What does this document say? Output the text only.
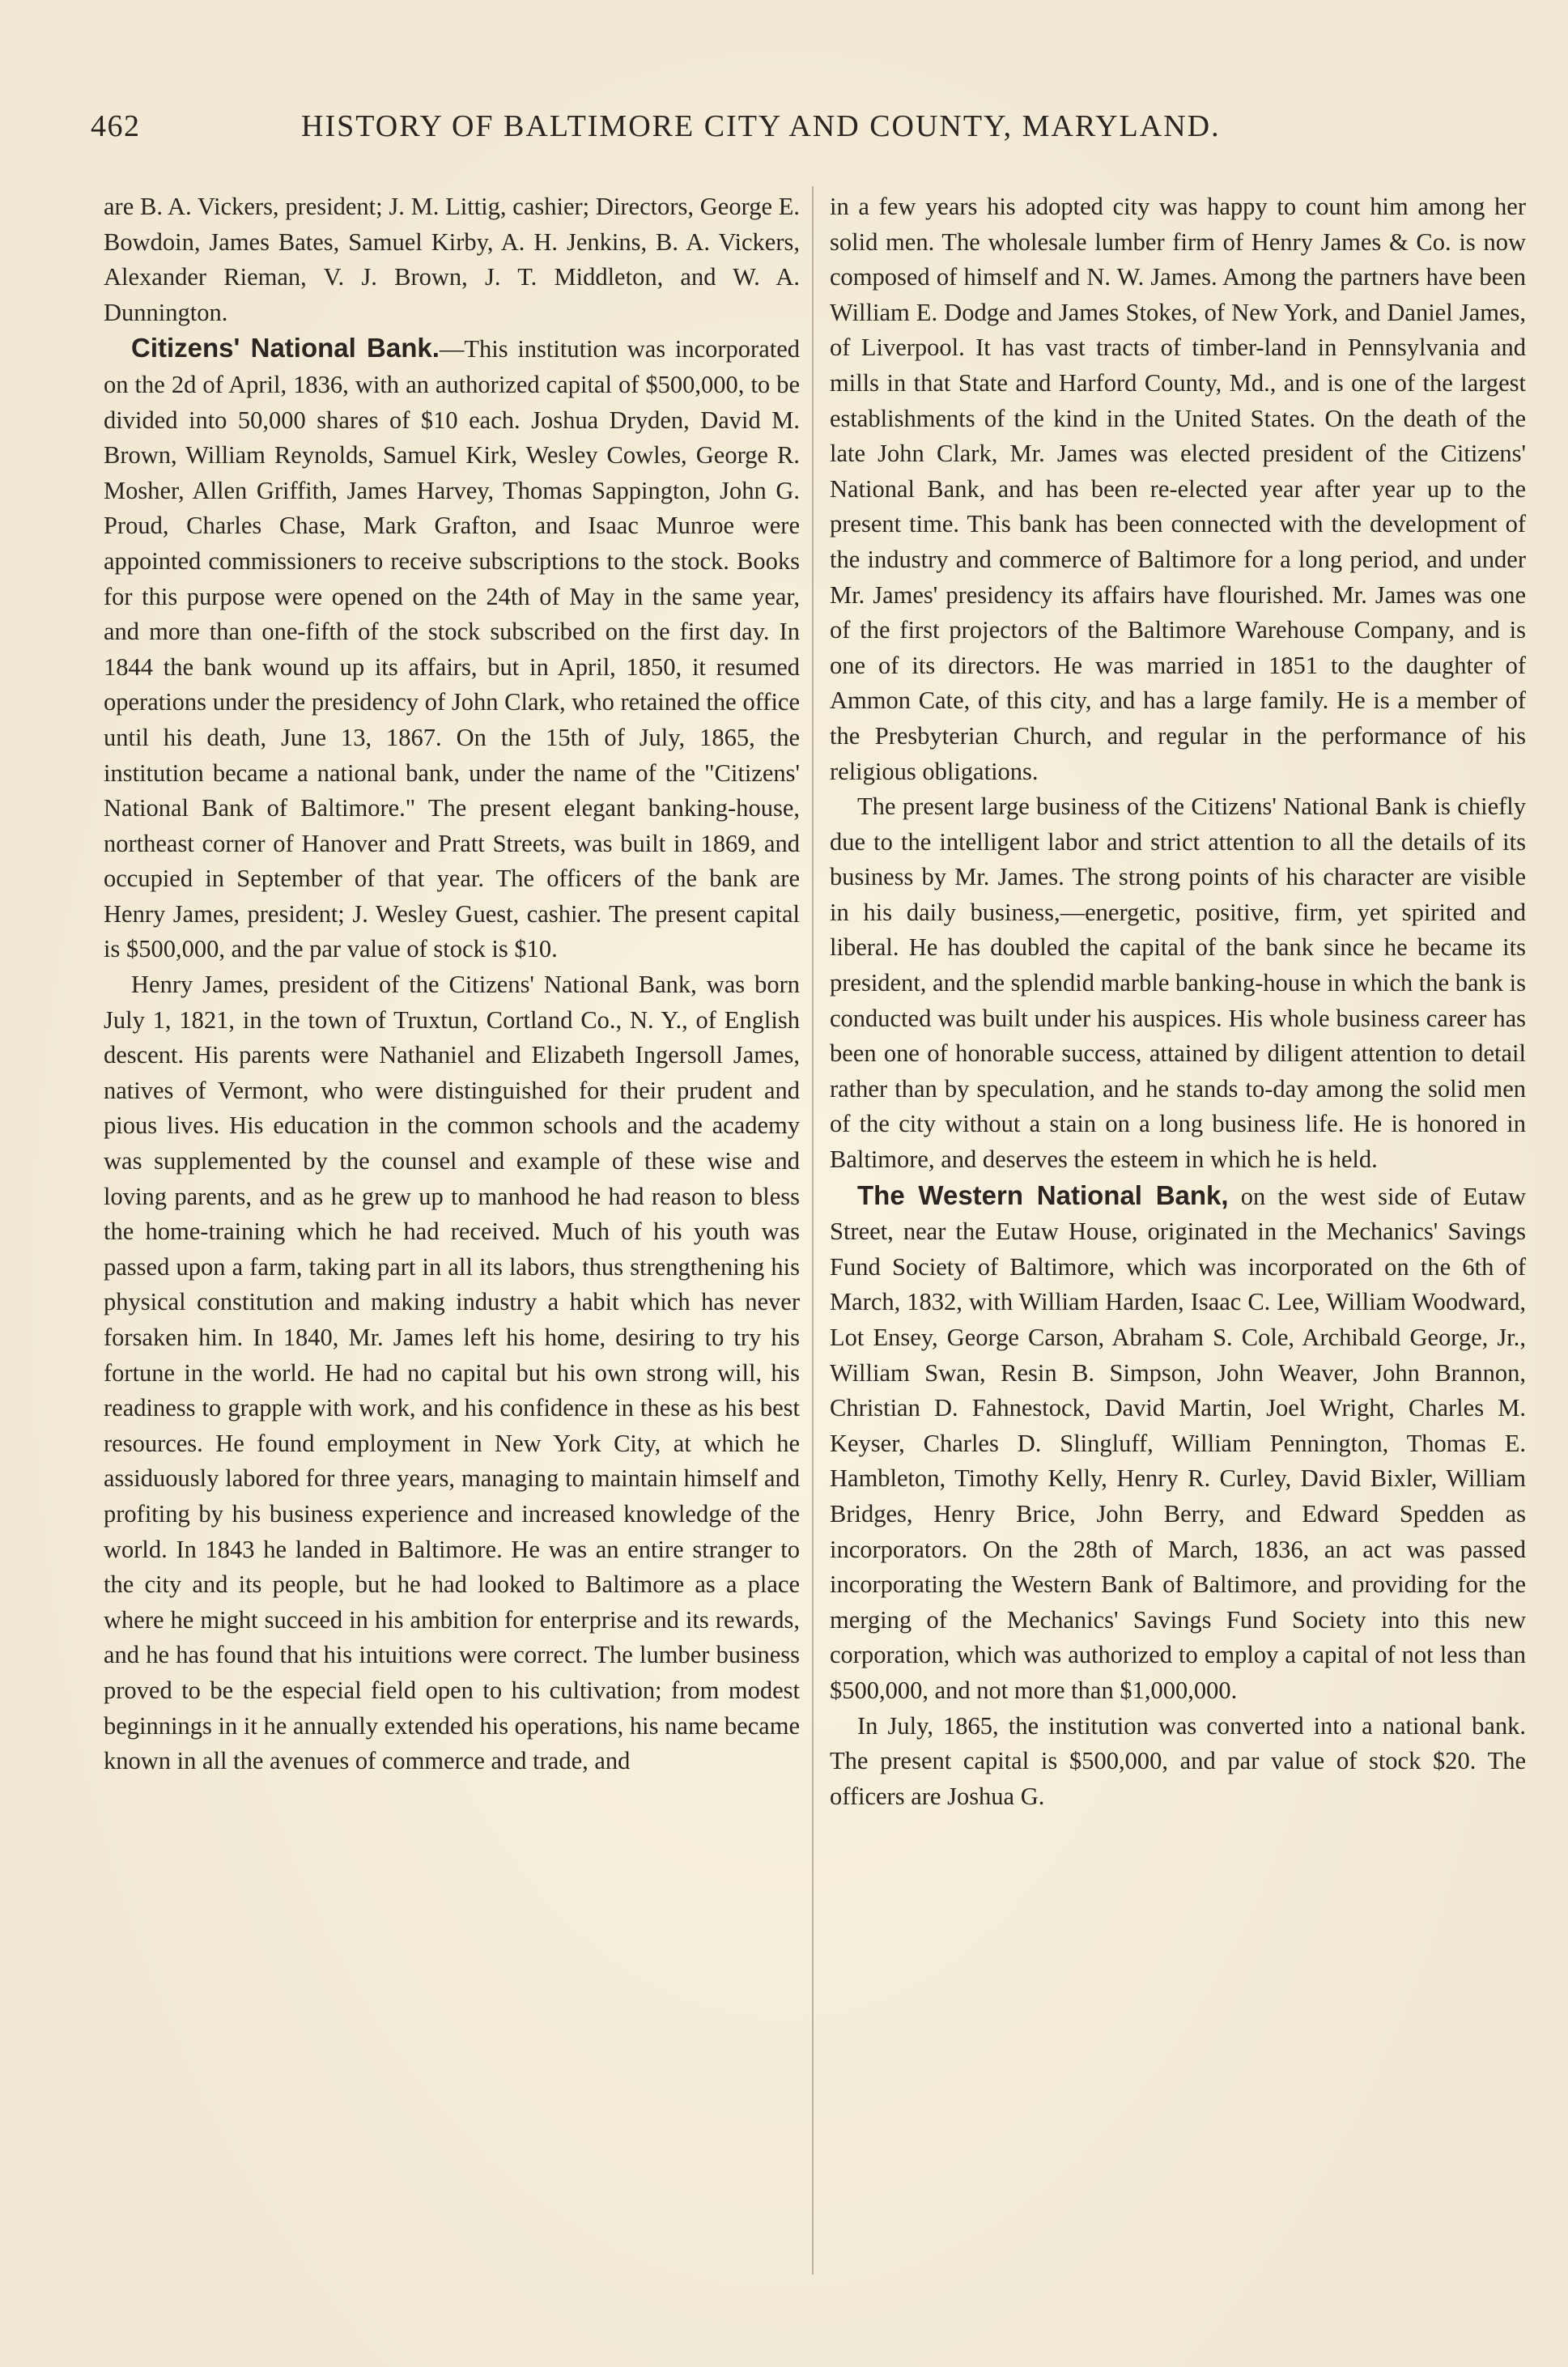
462	HISTORY OF BALTIMORE CITY AND COUNTY, MARYLAND.

are B. A. Vickers, president; J. M. Littig, cashier; Directors, George E. Bowdoin, James Bates, Samuel Kirby, A. H. Jenkins, B. A. Vickers, Alexander Rieman, V. J. Brown, J. T. Middleton, and W. A. Dunnington.

Citizens' National Bank.—This institution was incorporated on the 2d of April, 1836, with an authorized capital of $500,000, to be divided into 50,000 shares of $10 each. Joshua Dryden, David M. Brown, William Reynolds, Samuel Kirk, Wesley Cowles, George R. Mosher, Allen Griffith, James Harvey, Thomas Sappington, John G. Proud, Charles Chase, Mark Grafton, and Isaac Munroe were appointed commissioners to receive subscriptions to the stock. Books for this purpose were opened on the 24th of May in the same year, and more than one-fifth of the stock subscribed on the first day. In 1844 the bank wound up its affairs, but in April, 1850, it resumed operations under the presidency of John Clark, who retained the office until his death, June 13, 1867. On the 15th of July, 1865, the institution became a national bank, under the name of the "Citizens' National Bank of Baltimore." The present elegant banking-house, northeast corner of Hanover and Pratt Streets, was built in 1869, and occupied in September of that year. The officers of the bank are Henry James, president; J. Wesley Guest, cashier. The present capital is $500,000, and the par value of stock is $10.

Henry James, president of the Citizens' National Bank, was born July 1, 1821, in the town of Truxtun, Cortland Co., N. Y., of English descent. His parents were Nathaniel and Elizabeth Ingersoll James, natives of Vermont, who were distinguished for their prudent and pious lives. His education in the common schools and the academy was supplemented by the counsel and example of these wise and loving parents, and as he grew up to manhood he had reason to bless the home-training which he had received. Much of his youth was passed upon a farm, taking part in all its labors, thus strengthening his physical constitution and making industry a habit which has never forsaken him. In 1840, Mr. James left his home, desiring to try his fortune in the world. He had no capital but his own strong will, his readiness to grapple with work, and his confidence in these as his best resources. He found employment in New York City, at which he assiduously labored for three years, managing to maintain himself and profiting by his business experience and increased knowledge of the world. In 1843 he landed in Baltimore. He was an entire stranger to the city and its people, but he had looked to Baltimore as a place where he might succeed in his ambition for enterprise and its rewards, and he has found that his intuitions were correct. The lumber business proved to be the especial field open to his cultivation; from modest beginnings in it he annually extended his operations, his name became known in all the avenues of commerce and trade, and

in a few years his adopted city was happy to count him among her solid men. The wholesale lumber firm of Henry James & Co. is now composed of himself and N. W. James. Among the partners have been William E. Dodge and James Stokes, of New York, and Daniel James, of Liverpool. It has vast tracts of timber-land in Pennsylvania and mills in that State and Harford County, Md., and is one of the largest establishments of the kind in the United States. On the death of the late John Clark, Mr. James was elected president of the Citizens' National Bank, and has been re-elected year after year up to the present time. This bank has been connected with the development of the industry and commerce of Baltimore for a long period, and under Mr. James' presidency its affairs have flourished. Mr. James was one of the first projectors of the Baltimore Warehouse Company, and is one of its directors. He was married in 1851 to the daughter of Ammon Cate, of this city, and has a large family. He is a member of the Presbyterian Church, and regular in the performance of his religious obligations.

The present large business of the Citizens' National Bank is chiefly due to the intelligent labor and strict attention to all the details of its business by Mr. James. The strong points of his character are visible in his daily business,—energetic, positive, firm, yet spirited and liberal. He has doubled the capital of the bank since he became its president, and the splendid marble banking-house in which the bank is conducted was built under his auspices. His whole business career has been one of honorable success, attained by diligent attention to detail rather than by speculation, and he stands to-day among the solid men of the city without a stain on a long business life. He is honored in Baltimore, and deserves the esteem in which he is held.

The Western National Bank, on the west side of Eutaw Street, near the Eutaw House, originated in the Mechanics' Savings Fund Society of Baltimore, which was incorporated on the 6th of March, 1832, with William Harden, Isaac C. Lee, William Woodward, Lot Ensey, George Carson, Abraham S. Cole, Archibald George, Jr., William Swan, Resin B. Simpson, John Weaver, John Brannon, Christian D. Fahnestock, David Martin, Joel Wright, Charles M. Keyser, Charles D. Slingluff, William Pennington, Thomas E. Hambleton, Timothy Kelly, Henry R. Curley, David Bixler, William Bridges, Henry Brice, John Berry, and Edward Spedden as incorporators. On the 28th of March, 1836, an act was passed incorporating the Western Bank of Baltimore, and providing for the merging of the Mechanics' Savings Fund Society into this new corporation, which was authorized to employ a capital of not less than $500,000, and not more than $1,000,000.

In July, 1865, the institution was converted into a national bank. The present capital is $500,000, and par value of stock $20. The officers are Joshua G.
